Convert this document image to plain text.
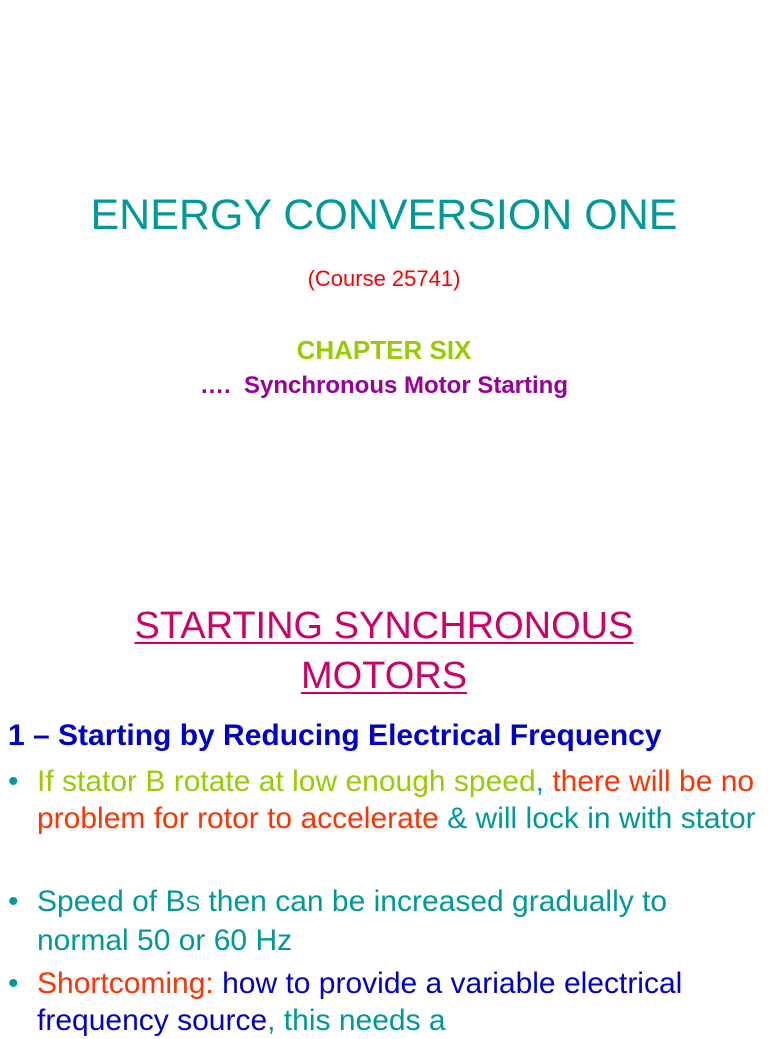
ENERGY CONVERSION ONE
(Course 25741)
CHAPTER SIX
….  Synchronous Motor Starting
STARTING SYNCHRONOUS
MOTORS
1 – Starting by Reducing Electrical Frequency
• If stator B rotate at low enough speed, there will be no problem for rotor to accelerate & will lock in with stator
• Speed of BS then can be increased gradually to normal 50 or 60 Hz
• Shortcoming: how to provide a variable electrical frequency source, this needs a
